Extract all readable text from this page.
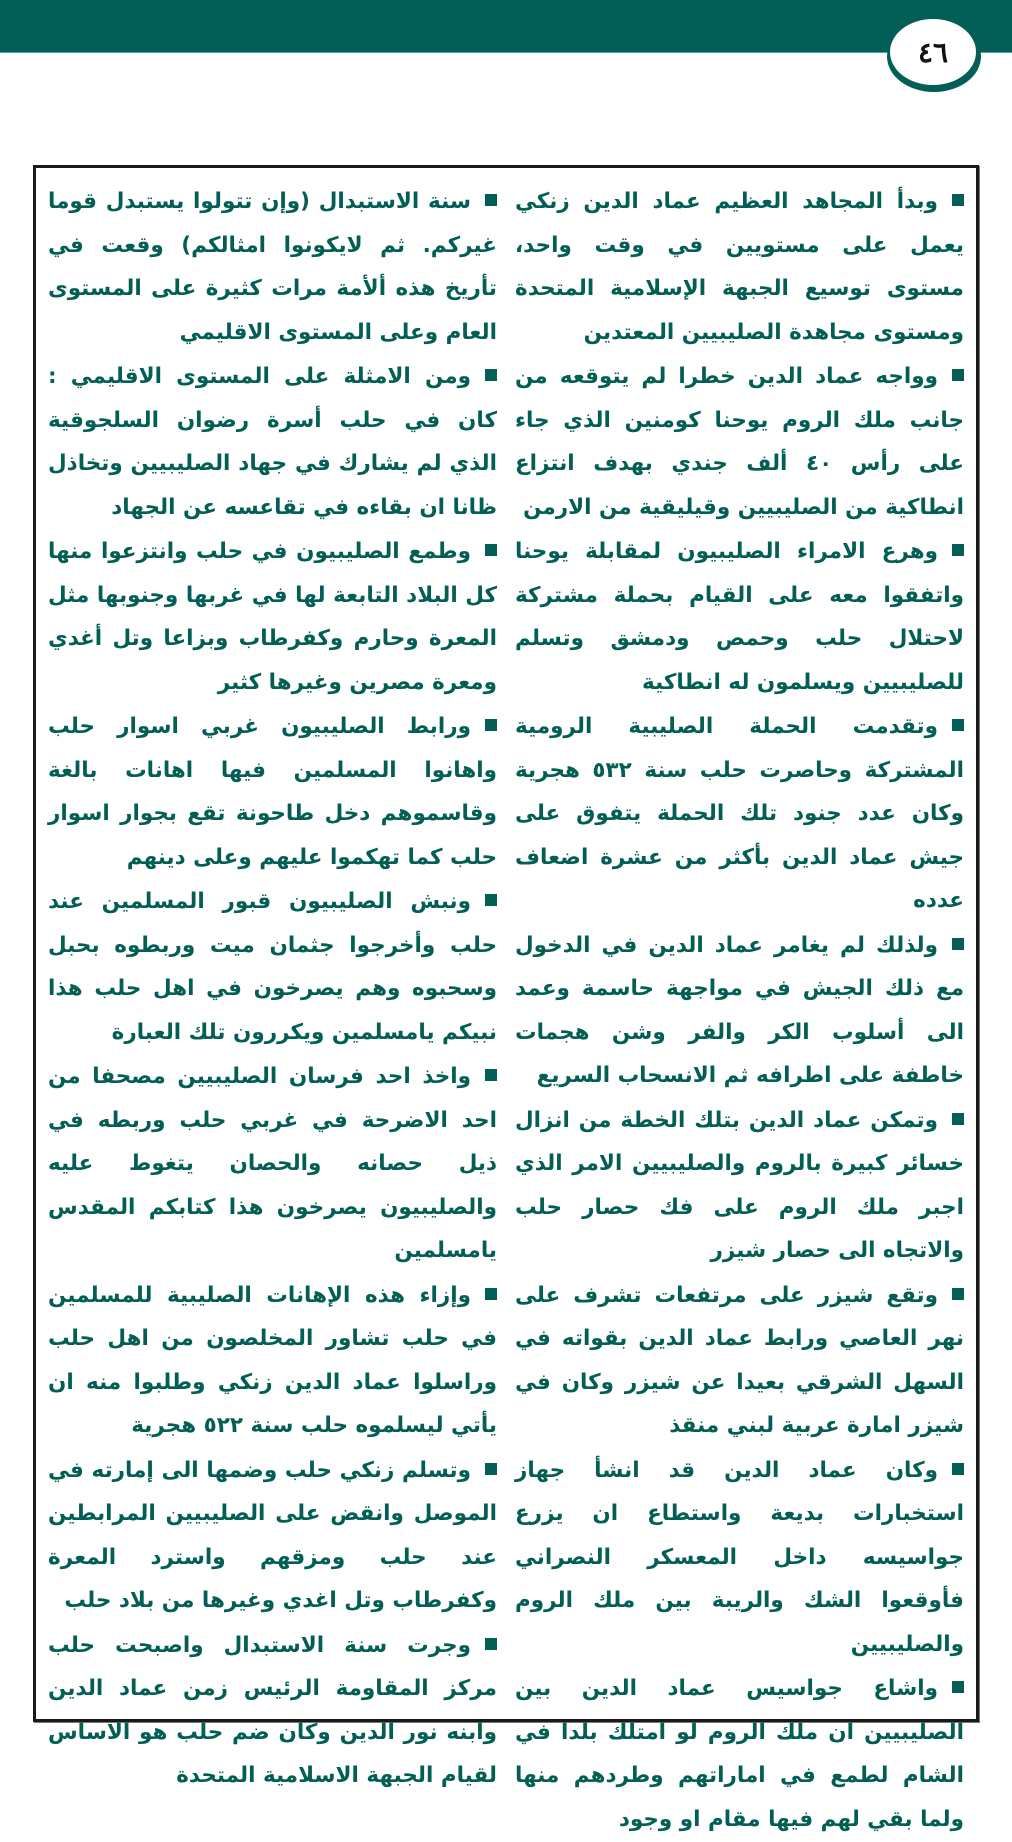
٤٦

سنة الاستبدال (وإن تتولوا يستبدل قوما غيركم. ثم لايكونوا امثالكم) وقعت في تأريخ هذه ألأمة مرات كثيرة على المستوى العام وعلى المستوى الاقليمي

ومن الامثلة على المستوى الاقليمي : كان في حلب أسرة رضوان السلجوقية الذي لم يشارك في جهاد الصليبيين وتخاذل ظانا ان بقاءه في تقاعسه عن الجهاد

وطمع الصليبيون في حلب وانتزعوا منها كل البلاد التابعة لها في غربها وجنوبها مثل المعرة وحارم وكفرطاب وبزاعا وتل أغدي ومعرة مصرين وغيرها كثير

ورابط الصليبيون غربي اسوار حلب واهانوا المسلمين فيها اهانات بالغة وقاسموهم دخل طاحونة تقع بجوار اسوار حلب كما تهكموا عليهم وعلى دينهم

ونبش الصليبيون قبور المسلمين عند حلب وأخرجوا جثمان ميت وربطوه بحبل وسحبوه وهم يصرخون في اهل حلب هذا نبيكم يامسلمين ويكررون تلك العبارة

واخذ احد فرسان الصليبيين مصحفا من احد الاضرحة في غربي حلب وربطه في ذيل حصانه والحصان يتغوط عليه والصليبيون يصرخون هذا كتابكم المقدس يامسلمين

وإزاء هذه الإهانات الصليبية للمسلمين في حلب تشاور المخلصون من اهل حلب وراسلوا عماد الدين زنكي وطلبوا منه ان يأتي ليسلموه حلب سنة ٥٢٢ هجرية

وتسلم زنكي حلب وضمها الى إمارته في الموصل وانقض على الصليبيين المرابطين عند حلب ومزقهم واسترد المعرة وكفرطاب وتل اغدي وغيرها من بلاد حلب

وجرت سنة الاستبدال واصبحت حلب مركز المقاومة الرئيس زمن عماد الدين وابنه نور الدين وكان ضم حلب هو الاساس لقيام الجبهة الاسلامية المتحدة

وبدأ المجاهد العظيم عماد الدين زنكي يعمل على مستويين في وقت واحد، مستوى توسيع الجبهة الإسلامية المتحدة ومستوى مجاهدة الصليبيين المعتدين

وواجه عماد الدين خطرا لم يتوقعه من جانب ملك الروم يوحنا كومنين الذي جاء على رأس ٤٠ ألف جندي بهدف انتزاع انطاكية من الصليبيين وقيليقية من الارمن

وهرع الامراء الصليبيون لمقابلة يوحنا واتفقوا معه على القيام بحملة مشتركة لاحتلال حلب وحمص ودمشق وتسلم للصليبيين ويسلمون له انطاكية

وتقدمت الحملة الصليبية الرومية المشتركة وحاصرت حلب سنة ٥٣٢ هجرية وكان عدد جنود تلك الحملة يتفوق على جيش عماد الدين بأكثر من عشرة اضعاف عدده

ولذلك لم يغامر عماد الدين في الدخول مع ذلك الجيش في مواجهة حاسمة وعمد الى أسلوب الكر والفر وشن هجمات خاطفة على اطرافه ثم الانسحاب السريع

وتمكن عماد الدين بتلك الخطة من انزال خسائر كبيرة بالروم والصليبيين الامر الذي اجبر ملك الروم على فك حصار حلب والاتجاه الى حصار شيزر

وتقع شيزر على مرتفعات تشرف على نهر العاصي ورابط عماد الدين بقواته في السهل الشرقي بعيدا عن شيزر وكان في شيزر امارة عربية لبني منقذ

وكان عماد الدين قد انشأ جهاز استخبارات بديعة واستطاع ان يزرع جواسيسه داخل المعسكر النصراني فأوقعوا الشك والريبة بين ملك الروم والصليبيين

واشاع جواسيس عماد الدين بين الصليبيين ان ملك الروم لو امتلك بلدا في الشام لطمع في اماراتهم وطردهم منها ولما بقي لهم فيها مقام او وجود
